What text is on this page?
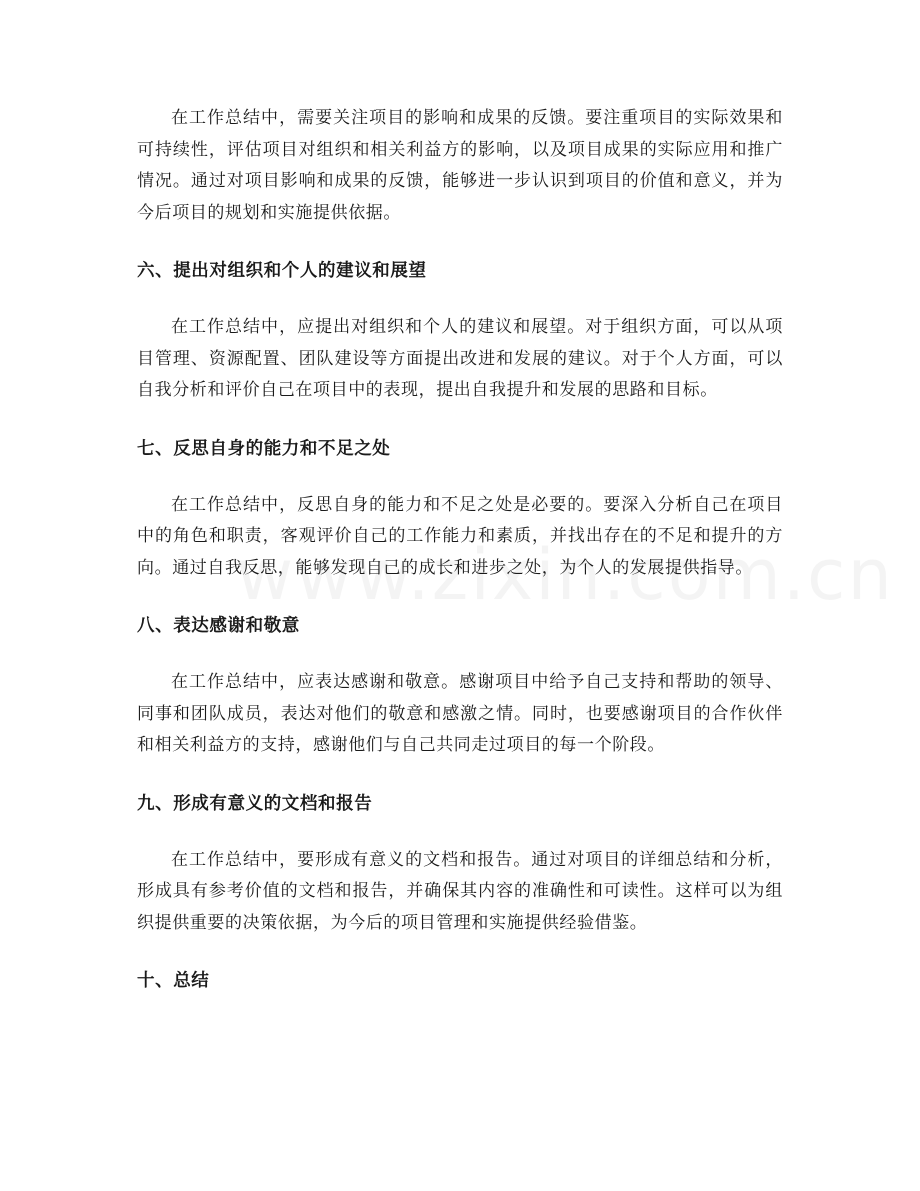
在工作总结中，需要关注项目的影响和成果的反馈。要注重项目的实际效果和可持续性，评估项目对组织和相关利益方的影响，以及项目成果的实际应用和推广情况。通过对项目影响和成果的反馈，能够进一步认识到项目的价值和意义，并为今后项目的规划和实施提供依据。

六、提出对组织和个人的建议和展望

在工作总结中，应提出对组织和个人的建议和展望。对于组织方面，可以从项目管理、资源配置、团队建设等方面提出改进和发展的建议。对于个人方面，可以自我分析和评价自己在项目中的表现，提出自我提升和发展的思路和目标。

七、反思自身的能力和不足之处

在工作总结中，反思自身的能力和不足之处是必要的。要深入分析自己在项目中的角色和职责，客观评价自己的工作能力和素质，并找出存在的不足和提升的方向。通过自我反思，能够发现自己的成长和进步之处，为个人的发展提供指导。

八、表达感谢和敬意

在工作总结中，应表达感谢和敬意。感谢项目中给予自己支持和帮助的领导、同事和团队成员，表达对他们的敬意和感激之情。同时，也要感谢项目的合作伙伴和相关利益方的支持，感谢他们与自己共同走过项目的每一个阶段。

九、形成有意义的文档和报告

在工作总结中，要形成有意义的文档和报告。通过对项目的详细总结和分析，形成具有参考价值的文档和报告，并确保其内容的准确性和可读性。这样可以为组织提供重要的决策依据，为今后的项目管理和实施提供经验借鉴。

十、总结
